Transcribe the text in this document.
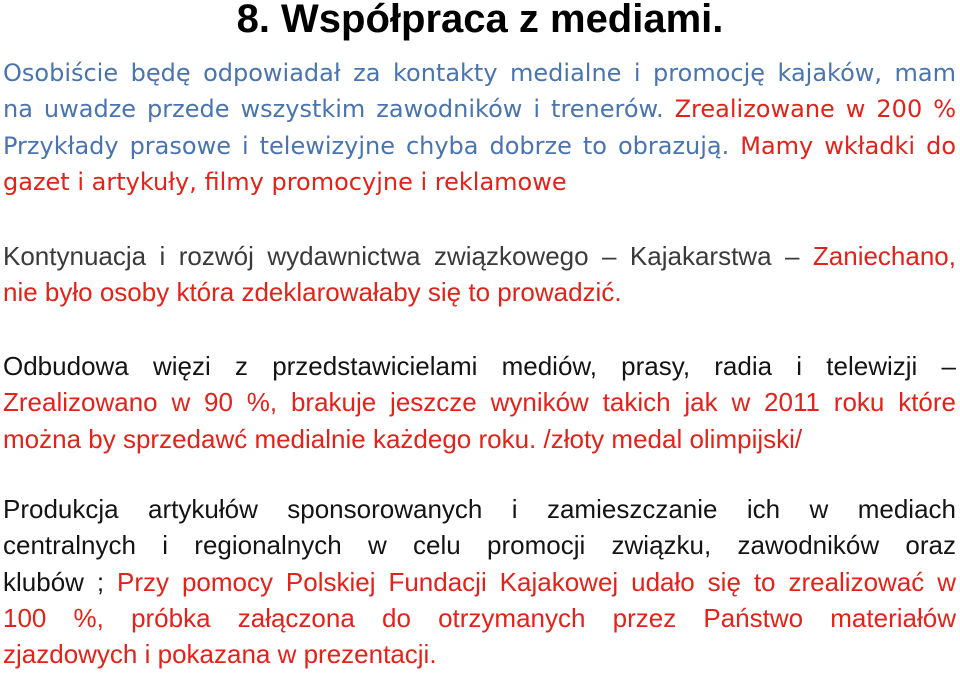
8. Współpraca z mediami.
Osobiście będę odpowiadał za kontakty medialne i promocję kajaków, mam
na uwadze przede wszystkim zawodników i trenerów. Zrealizowane w 200 %
Przykłady prasowe i telewizyjne chyba dobrze to obrazują. Mamy wkładki do
gazet i artykuły, filmy promocyjne i reklamowe
Kontynuacja i rozwój wydawnictwa związkowego – Kajakarstwa – Zaniechano,
nie było osoby która zdeklarowałaby się to prowadzić.
Odbudowa więzi z przedstawicielami mediów, prasy, radia i telewizji –
Zrealizowano w 90 %, brakuje jeszcze wyników takich jak w 2011 roku które
można by sprzedawć medialnie każdego roku. /złoty medal olimpijski/
Produkcja artykułów sponsorowanych i zamieszczanie ich w mediach
centralnych i regionalnych w celu promocji związku, zawodników oraz
klubów ; Przy pomocy Polskiej Fundacji Kajakowej udało się to zrealizować w
100 %, próbka załączona do otrzymanych przez Państwo materiałów
zjazdowych i pokazana w prezentacji.
